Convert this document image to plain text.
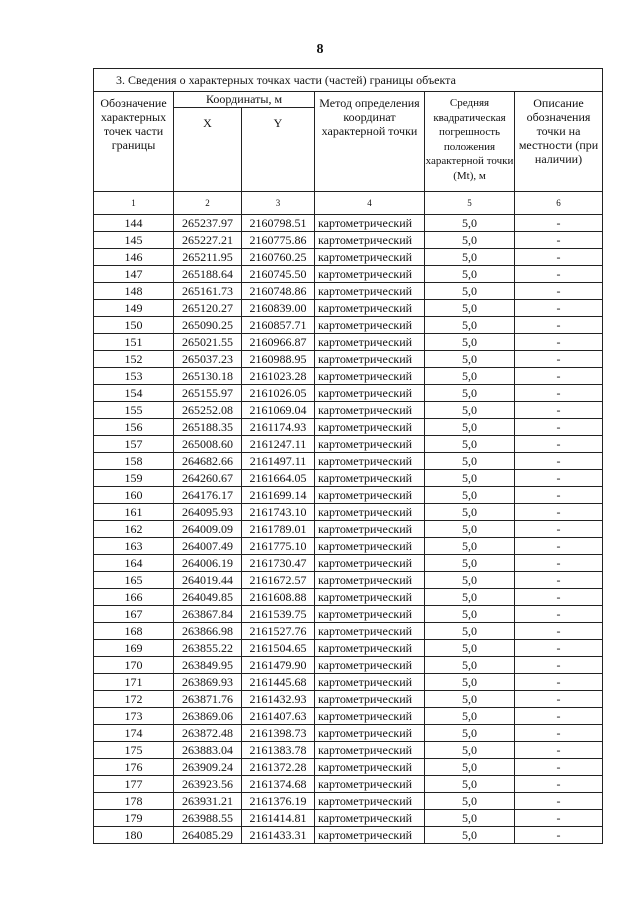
8
3. Сведения о характерных точках части (частей) границы объекта					
Обозначение характерных точек части границы	Координаты, м		Метод определения координат характерной точки	Средняя квадратическая погрешность положения характерной точки (Mt), м	Описание обозначения точки на местности (при наличии)
	X	Y			
1	2	3	4	5	6
144	265237.97	2160798.51	картометрический	5,0	-
145	265227.21	2160775.86	картометрический	5,0	-
146	265211.95	2160760.25	картометрический	5,0	-
147	265188.64	2160745.50	картометрический	5,0	-
148	265161.73	2160748.86	картометрический	5,0	-
149	265120.27	2160839.00	картометрический	5,0	-
150	265090.25	2160857.71	картометрический	5,0	-
151	265021.55	2160966.87	картометрический	5,0	-
152	265037.23	2160988.95	картометрический	5,0	-
153	265130.18	2161023.28	картометрический	5,0	-
154	265155.97	2161026.05	картометрический	5,0	-
155	265252.08	2161069.04	картометрический	5,0	-
156	265188.35	2161174.93	картометрический	5,0	-
157	265008.60	2161247.11	картометрический	5,0	-
158	264682.66	2161497.11	картометрический	5,0	-
159	264260.67	2161664.05	картометрический	5,0	-
160	264176.17	2161699.14	картометрический	5,0	-
161	264095.93	2161743.10	картометрический	5,0	-
162	264009.09	2161789.01	картометрический	5,0	-
163	264007.49	2161775.10	картометрический	5,0	-
164	264006.19	2161730.47	картометрический	5,0	-
165	264019.44	2161672.57	картометрический	5,0	-
166	264049.85	2161608.88	картометрический	5,0	-
167	263867.84	2161539.75	картометрический	5,0	-
168	263866.98	2161527.76	картометрический	5,0	-
169	263855.22	2161504.65	картометрический	5,0	-
170	263849.95	2161479.90	картометрический	5,0	-
171	263869.93	2161445.68	картометрический	5,0	-
172	263871.76	2161432.93	картометрический	5,0	-
173	263869.06	2161407.63	картометрический	5,0	-
174	263872.48	2161398.73	картометрический	5,0	-
175	263883.04	2161383.78	картометрический	5,0	-
176	263909.24	2161372.28	картометрический	5,0	-
177	263923.56	2161374.68	картометрический	5,0	-
178	263931.21	2161376.19	картометрический	5,0	-
179	263988.55	2161414.81	картометрический	5,0	-
180	264085.29	2161433.31	картометрический	5,0	-
